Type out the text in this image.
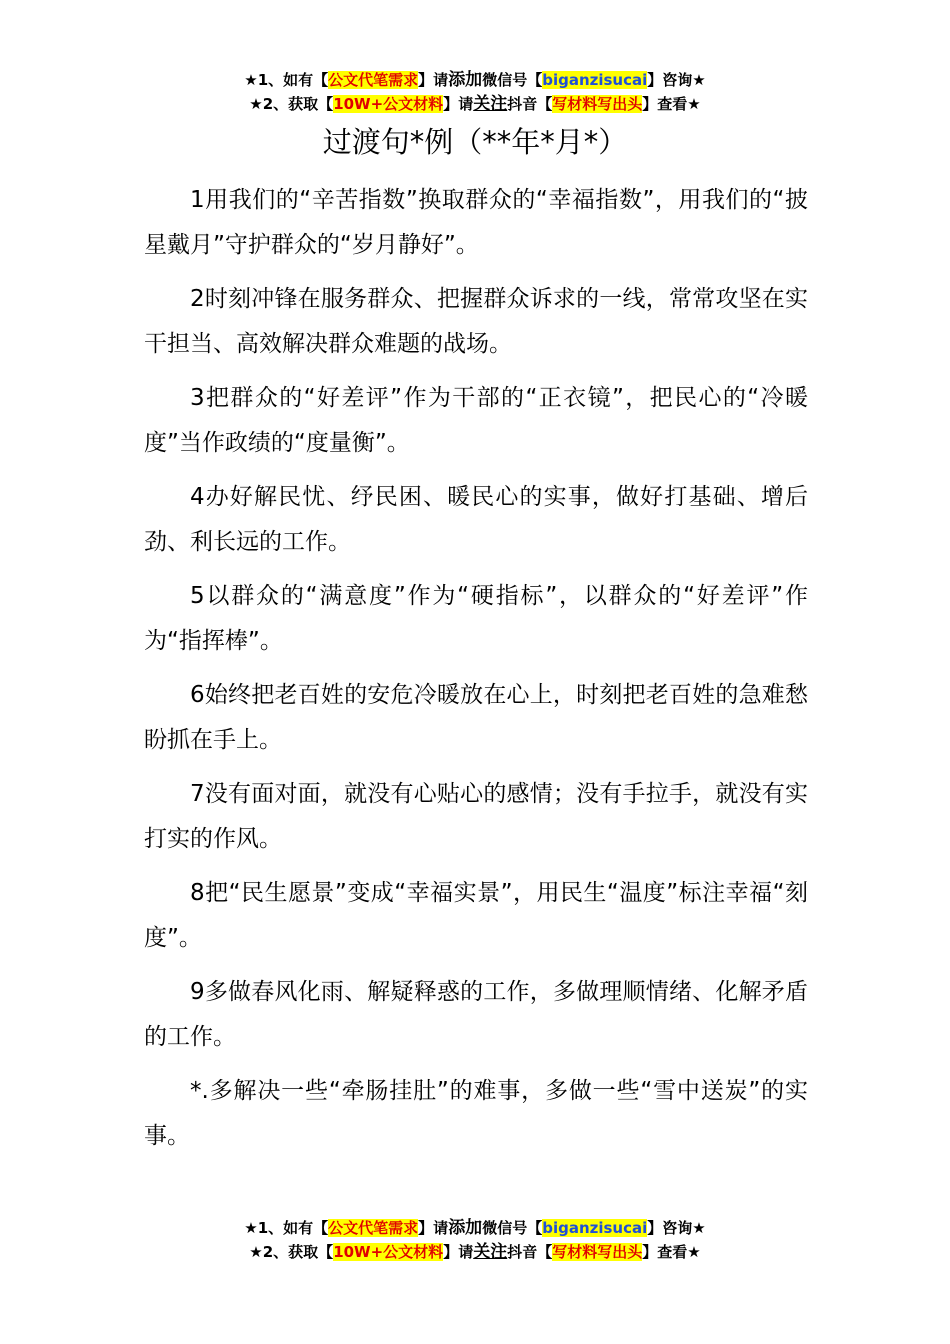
★1、如有【公文代笔需求】请添加微信号【biganzisucai】咨询★
★2、获取【10W+公文材料】请关注抖音【写材料写出头】查看★
过渡句*例（**年*月*）

1用我们的“辛苦指数”换取群众的“幸福指数”，用我们的“披星戴月”守护群众的“岁月静好”。

2时刻冲锋在服务群众、把握群众诉求的一线，常常攻坚在实干担当、高效解决群众难题的战场。

3把群众的“好差评”作为干部的“正衣镜”，把民心的“冷暖度”当作政绩的“度量衡”。

4办好解民忧、纾民困、暖民心的实事，做好打基础、增后劲、利长远的工作。

5以群众的“满意度”作为“硬指标”，以群众的“好差评”作为“指挥棒”。

6始终把老百姓的安危冷暖放在心上，时刻把老百姓的急难愁盼抓在手上。

7没有面对面，就没有心贴心的感情；没有手拉手，就没有实打实的作风。

8把“民生愿景”变成“幸福实景”，用民生“温度”标注幸福“刻度”。

9多做春风化雨、解疑释惑的工作，多做理顺情绪、化解矛盾的工作。

*.多解决一些“牵肠挂肚”的难事，多做一些“雪中送炭”的实事。

★1、如有【公文代笔需求】请添加微信号【biganzisucai】咨询★
★2、获取【10W+公文材料】请关注抖音【写材料写出头】查看★
